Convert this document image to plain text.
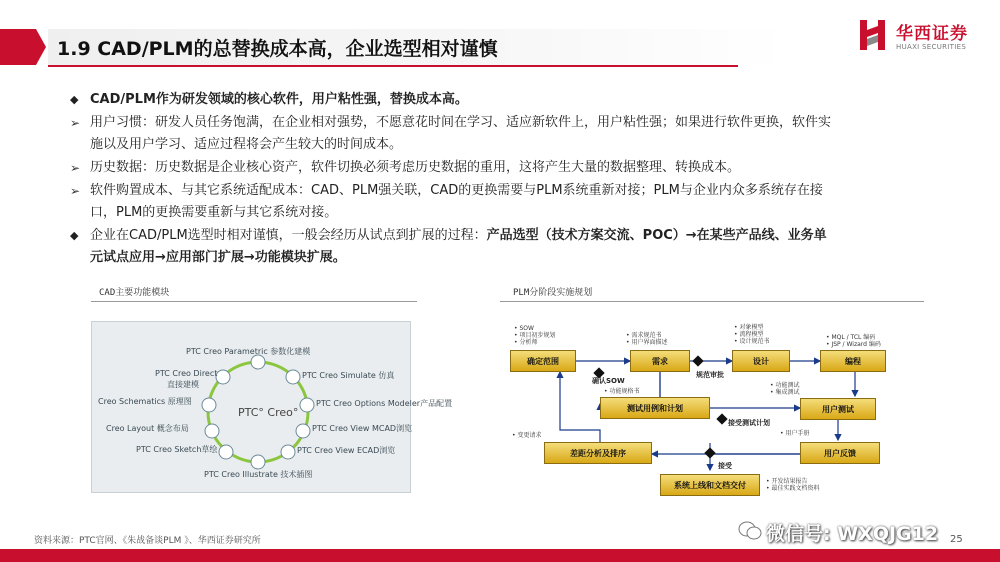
1.9 CAD/PLM的总替换成本高，企业选型相对谨慎
华西证券
HUAXI SECURITIES
◆ CAD/PLM作为研发领域的核心软件，用户粘性强，替换成本高。
➢ 用户习惯：研发人员任务饱满，在企业相对强势，不愿意花时间在学习、适应新软件上，用户粘性强；如果进行软件更换，软件实
施以及用户学习、适应过程将会产生较大的时间成本。
➢ 历史数据：历史数据是企业核心资产，软件切换必须考虑历史数据的重用，这将产生大量的数据整理、转换成本。
➢ 软件购置成本、与其它系统适配成本：CAD、PLM强关联，CAD的更换需要与PLM系统重新对接；PLM与企业内众多系统存在接
口，PLM的更换需要重新与其它系统对接。
◆ 企业在CAD/PLM选型时相对谨慎，一般会经历从试点到扩展的过程：产品选型（技术方案交流、POC）→在某些产品线、业务单
元试点应用→应用部门扩展→功能模块扩展。
CAD主要功能模块
PTC° Creo°
PTC Creo Parametric 参数化建模
PTC Creo Simulate 仿真
PTC Creo Options Modeler产品配置
PTC Creo View MCAD浏览
PTC Creo View ECAD浏览
PTC Creo Illustrate 技术插图
PTC Creo Sketch草绘
Creo Layout 概念布局
Creo Schematics 原理图
PTC Creo Direct
直接建模
PLM分阶段实施规划
确定范围	需求	设计	编程
测试用例和计划	用户测试
差距分析及排序	用户反馈
系统上线和文档交付
确认SOW
规范审批
接受测试计划
接受
• SOW
• 项目初步规划
• 分析师
• 需求规范书
• 用户界面描述
• 对象模型
• 流程模型
• 设计规范书
• MQL / TCL 编码
• JSP / Wizard 编码
• 功能规格书
• 功能测试
• 集成测试
• 用户手册
• 变更请求
• 开发结果报告
• 最佳实践文档资料
资料来源：PTC官网、《朱战备谈PLM 》、华西证券研究所	微信号: WXQJG12 25
